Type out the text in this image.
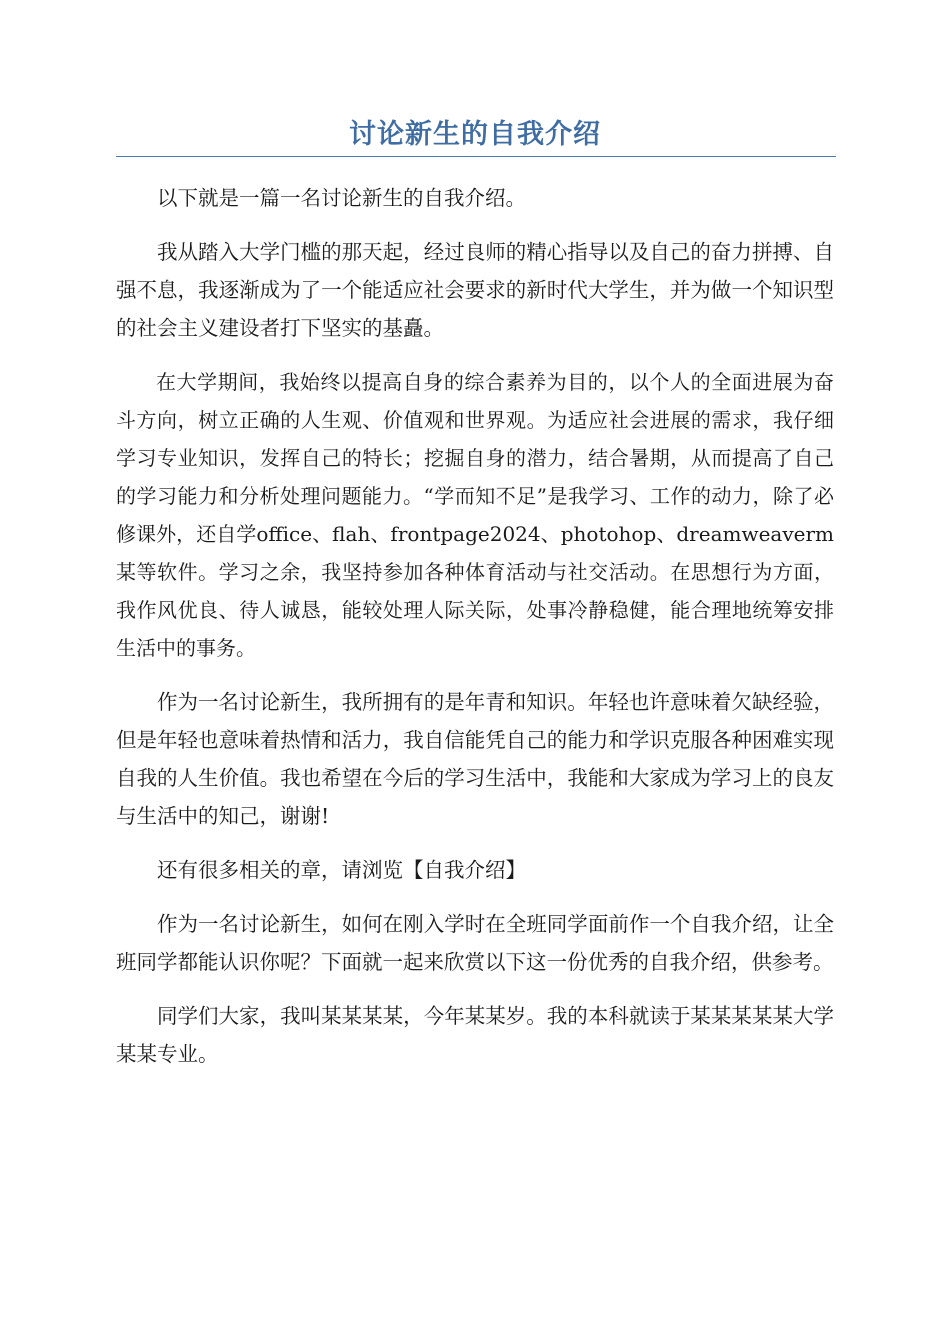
讨论新生的自我介绍

以下就是一篇一名讨论新生的自我介绍。

我从踏入大学门槛的那天起，经过良师的精心指导以及自己的奋力拼搏、自强不息，我逐渐成为了一个能适应社会要求的新时代大学生，并为做一个知识型的社会主义建设者打下坚实的基矗。

在大学期间，我始终以提高自身的综合素养为目的，以个人的全面进展为奋斗方向，树立正确的人生观、价值观和世界观。为适应社会进展的需求，我仔细学习专业知识，发挥自己的特长；挖掘自身的潜力，结合暑期，从而提高了自己的学习能力和分析处理问题能力。“学而知不足”是我学习、工作的动力，除了必修课外，还自学office、flah、frontpage2024、photohop、dreamweaverm某等软件。学习之余，我坚持参加各种体育活动与社交活动。在思想行为方面，我作风优良、待人诚恳，能较处理人际关际，处事冷静稳健，能合理地统筹安排生活中的事务。

作为一名讨论新生，我所拥有的是年青和知识。年轻也许意味着欠缺经验，但是年轻也意味着热情和活力，我自信能凭自己的能力和学识克服各种困难实现自我的人生价值。我也希望在今后的学习生活中，我能和大家成为学习上的良友与生活中的知己，谢谢!

还有很多相关的章，请浏览【自我介绍】

作为一名讨论新生，如何在刚入学时在全班同学面前作一个自我介绍，让全班同学都能认识你呢？下面就一起来欣赏以下这一份优秀的自我介绍，供参考。

同学们大家，我叫某某某某，今年某某岁。我的本科就读于某某某某某大学某某专业。
